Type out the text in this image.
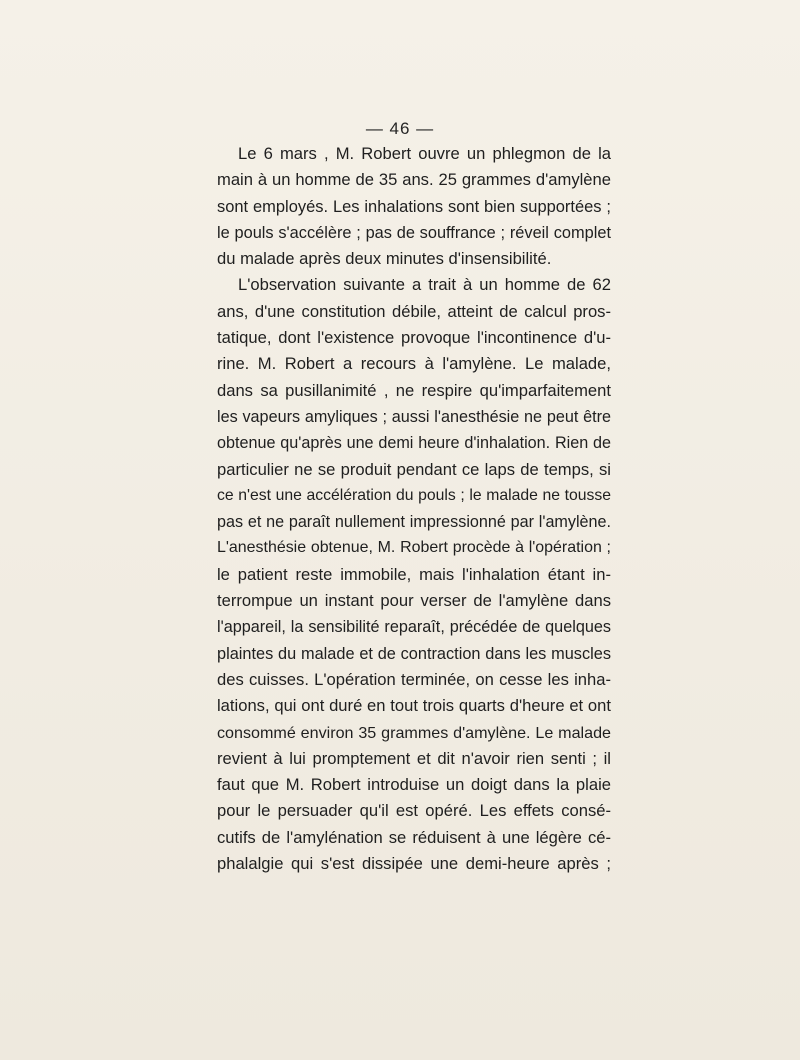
— 46 —
Le 6 mars , M. Robert ouvre un phlegmon de la
main à un homme de 35 ans. 25 grammes d'amylène
sont employés. Les inhalations sont bien supportées ;
le pouls s'accélère ; pas de souffrance ; réveil complet
du malade après deux minutes d'insensibilité.
L'observation suivante a trait à un homme de 62
ans, d'une constitution débile, atteint de calcul pros-
tatique, dont l'existence provoque l'incontinence d'u-
rine. M. Robert a recours à l'amylène. Le malade,
dans sa pusillanimité , ne respire qu'imparfaitement
les vapeurs amyliques ; aussi l'anesthésie ne peut être
obtenue qu'après une demi heure d'inhalation. Rien de
particulier ne se produit pendant ce laps de temps, si
ce n'est une accélération du pouls ; le malade ne tousse
pas et ne paraît nullement impressionné par l'amylène.
L'anesthésie obtenue, M. Robert procède à l'opération ;
le patient reste immobile, mais l'inhalation étant in-
terrompue un instant pour verser de l'amylène dans
l'appareil, la sensibilité reparaît, précédée de quelques
plaintes du malade et de contraction dans les muscles
des cuisses. L'opération terminée, on cesse les inha-
lations, qui ont duré en tout trois quarts d'heure et ont
consommé environ 35 grammes d'amylène. Le malade
revient à lui promptement et dit n'avoir rien senti ; il
faut que M. Robert introduise un doigt dans la plaie
pour le persuader qu'il est opéré. Les effets consé-
cutifs de l'amylénation se réduisent à une légère cé-
phalalgie qui s'est dissipée une demi-heure après ;
